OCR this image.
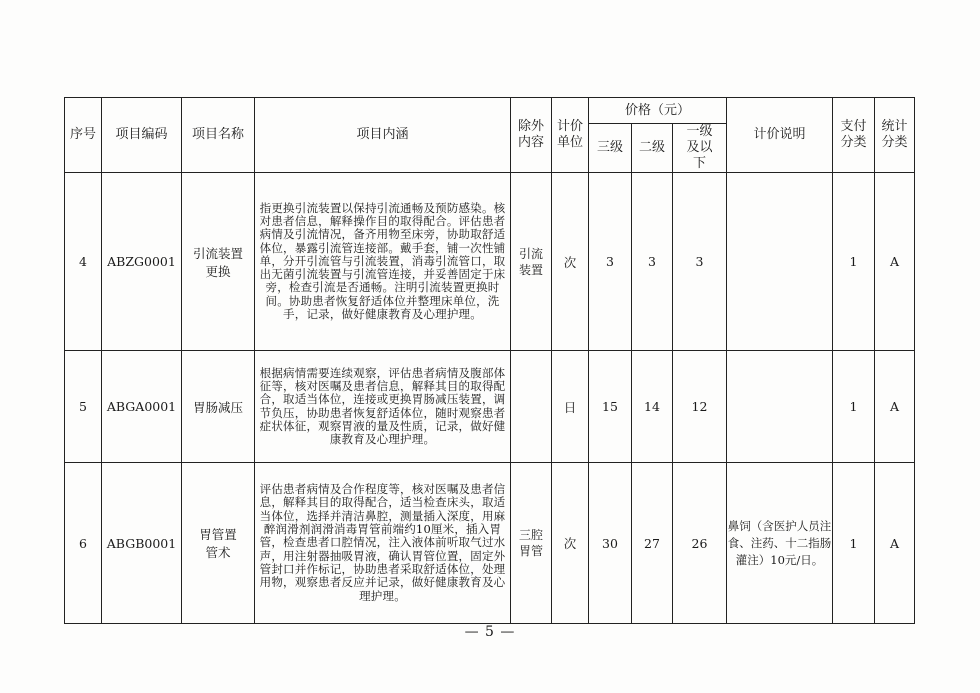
序号	项目编码	项目名称	项目内涵	除外内容	计价单位	价格（元）			计价说明	支付分类	统计分类
						三级	二级	一级及以下			
4	ABZG0001	引流装置更换	指更换引流装置以保持引流通畅及预防感染。核对患者信息，解释操作目的取得配合。评估患者病情及引流情况，备齐用物至床旁，协助取舒适体位，暴露引流管连接部。戴手套，铺一次性铺单，分开引流管与引流装置，消毒引流管口，取出无菌引流装置与引流管连接，并妥善固定于床旁，检查引流是否通畅。注明引流装置更换时间。协助患者恢复舒适体位并整理床单位，洗手，记录，做好健康教育及心理护理。	引流装置	次	3	3	3		1	A
5	ABGA0001	胃肠减压	根据病情需要连续观察，评估患者病情及腹部体征等，核对医嘱及患者信息，解释其目的取得配合，取适当体位，连接或更换胃肠减压装置，调节负压，协助患者恢复舒适体位，随时观察患者症状体征，观察胃液的量及性质，记录，做好健康教育及心理护理。		日	15	14	12		1	A
6	ABGB0001	胃管置管术	评估患者病情及合作程度等，核对医嘱及患者信息，解释其目的取得配合，适当检查床头，取适当体位，选择并清洁鼻腔，测量插入深度，用麻醉润滑剂润滑消毒胃管前端约10厘米，插入胃管，检查患者口腔情况，注入液体前听取气过水声，用注射器抽吸胃液，确认胃管位置，固定外管封口并作标记，协助患者采取舒适体位，处理用物，观察患者反应并记录，做好健康教育及心理护理。	三腔胃管	次	30	27	26	鼻饲（含医护人员注食、注药、十二指肠灌注）10元/日。	1	A
— 5 —
